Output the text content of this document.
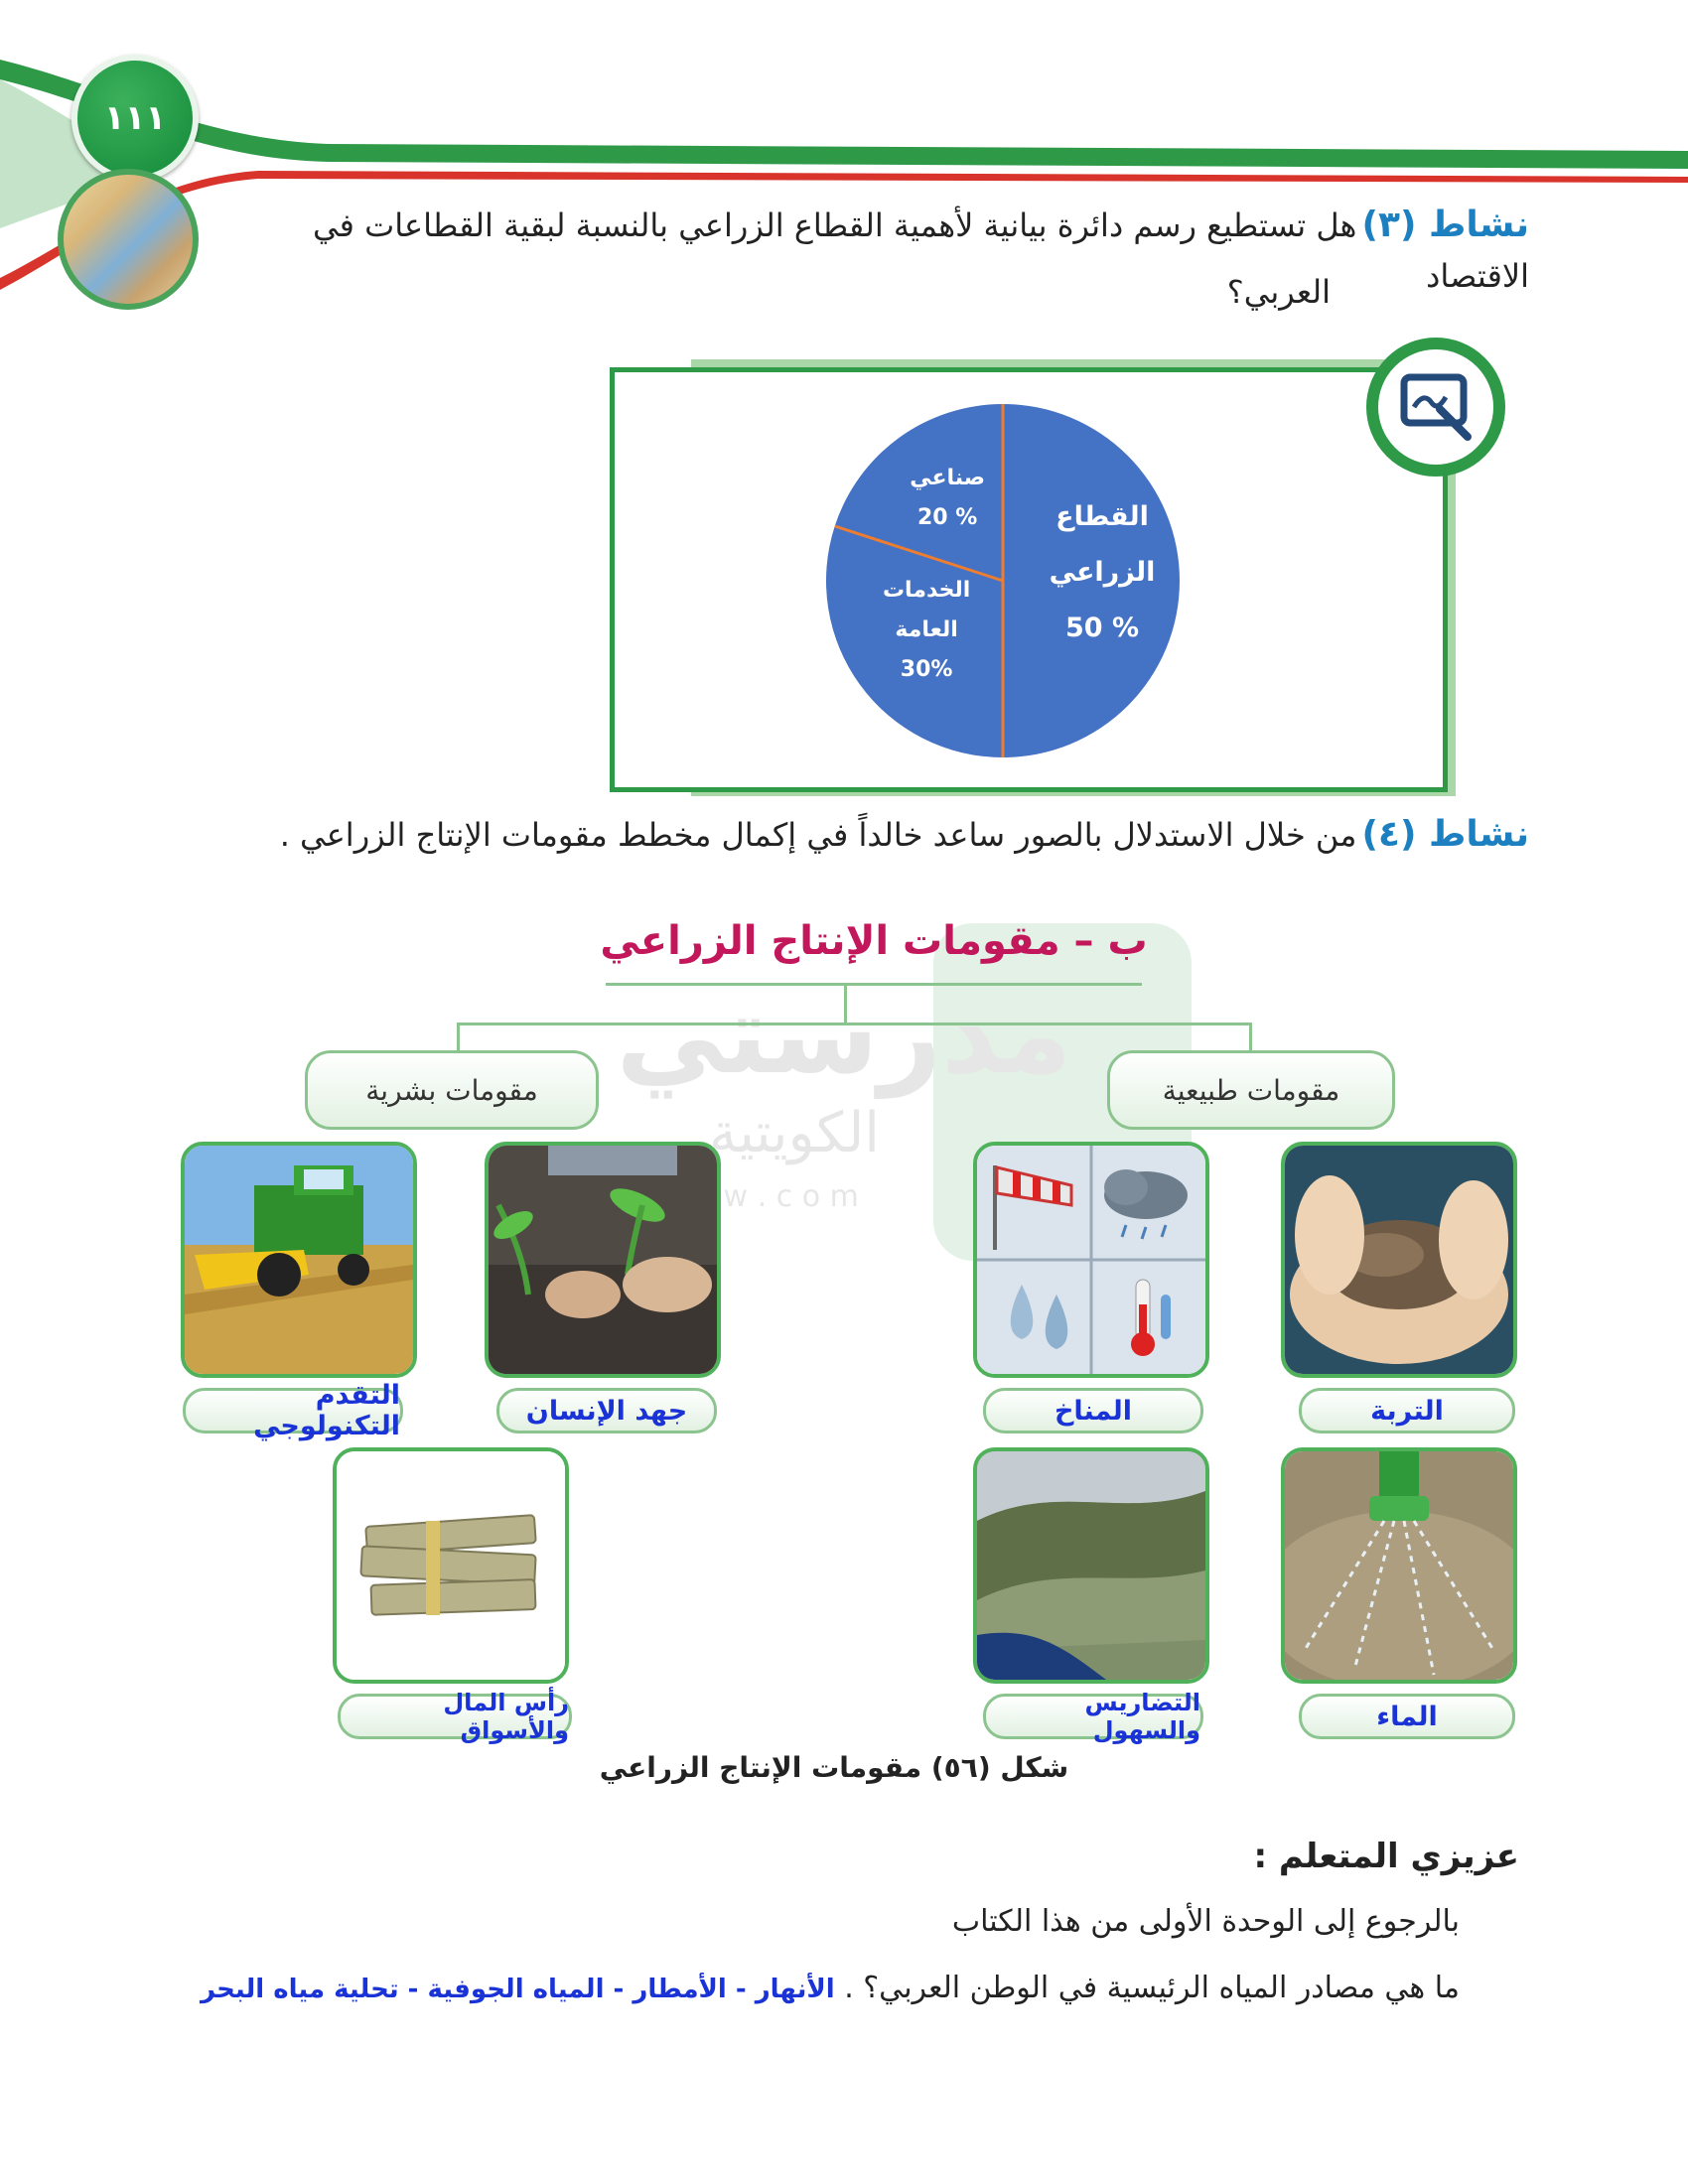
١١١
نشاط (٣) هل تستطيع رسم دائرة بيانية لأهمية القطاع الزراعي بالنسبة لبقية القطاعات في الاقتصاد
العربي؟
القطاع الزراعي % 50
الخدمات العامة 30%
صناعي % 20
نشاط (٤) من خلال الاستدلال بالصور ساعد خالداً في إكمال مخطط مقومات الإنتاج الزراعي .
مدرستي
الكويتية
w . c o m
ب – مقومات الإنتاج الزراعي
مقومات طبيعية
مقومات بشرية
التربة
المناخ
جهد الإنسان
التقدم التكنولوجي
الماء
التضاريس والسهول
رأس المال والأسواق
شكل (٥٦) مقومات الإنتاج الزراعي
عزيزي المتعلم :
بالرجوع إلى الوحدة الأولى من هذا الكتاب
ما هي مصادر المياه الرئيسية في الوطن العربي؟ . الأنهار - الأمطار - المياه الجوفية - تحلية مياه البحر
